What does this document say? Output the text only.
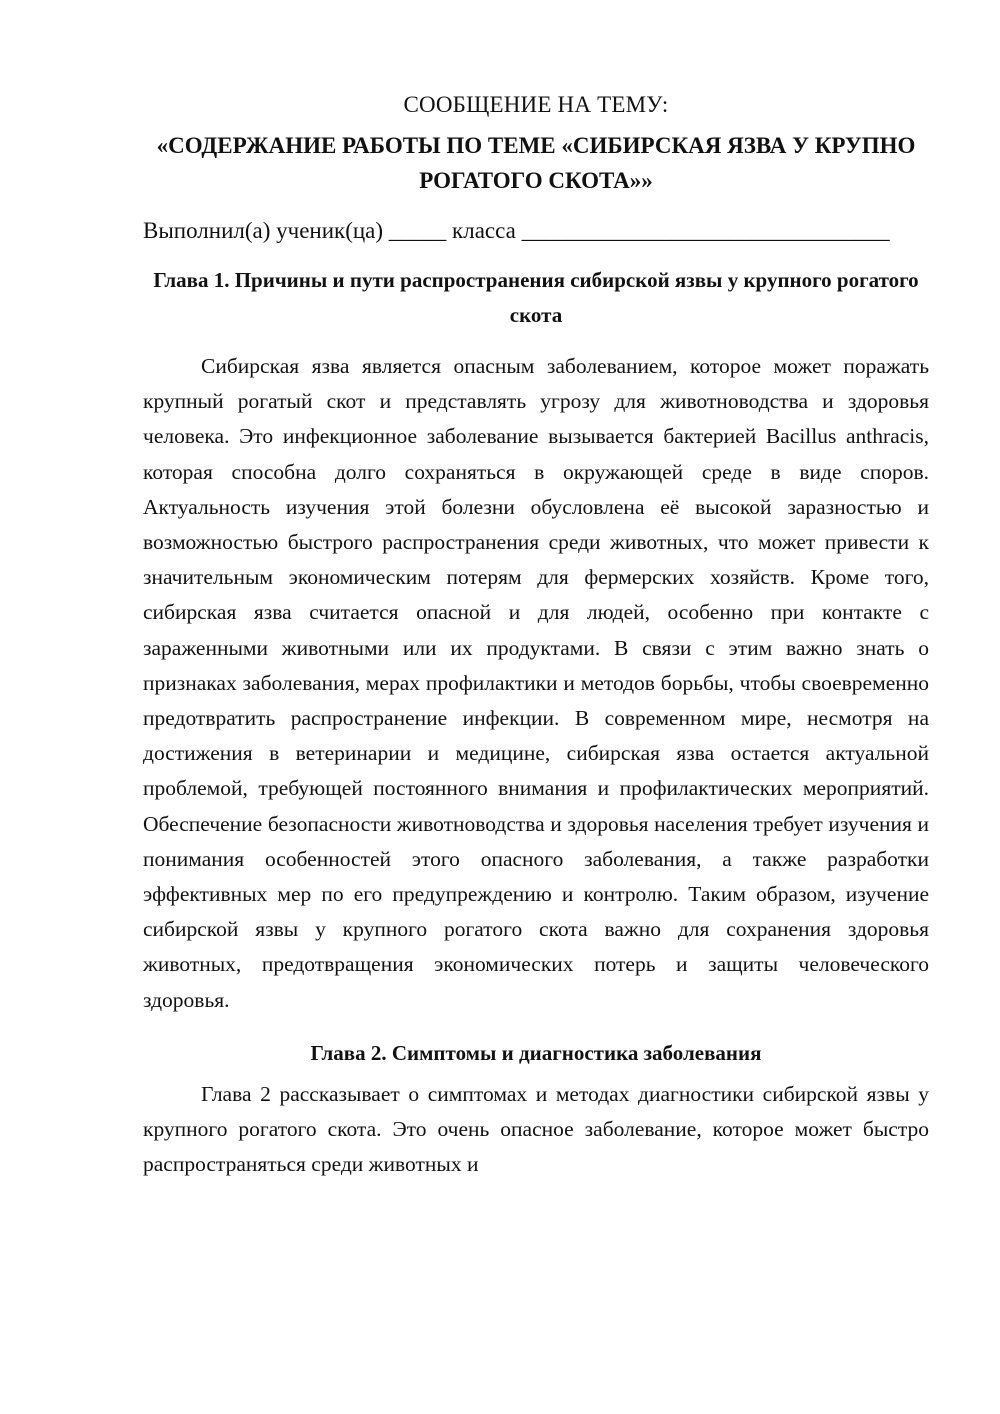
СООБЩЕНИЕ НА ТЕМУ:
«СОДЕРЖАНИЕ РАБОТЫ ПО ТЕМЕ «СИБИРСКАЯ ЯЗВА У КРУПНО РОГАТОГО СКОТА»»
Выполнил(а) ученик(ца) _____ класса ________________________________
Глава 1. Причины и пути распространения сибирской язвы у крупного рогатого скота

Сибирская язва является опасным заболеванием, которое может поражать крупный рогатый скот и представлять угрозу для животноводства и здоровья человека. Это инфекционное заболевание вызывается бактерией Bacillus anthracis, которая способна долго сохраняться в окружающей среде в виде споров. Актуальность изучения этой болезни обусловлена её высокой заразностью и возможностью быстрого распространения среди животных, что может привести к значительным экономическим потерям для фермерских хозяйств. Кроме того, сибирская язва считается опасной и для людей, особенно при контакте с зараженными животными или их продуктами. В связи с этим важно знать о признаках заболевания, мерах профилактики и методов борьбы, чтобы своевременно предотвратить распространение инфекции. В современном мире, несмотря на достижения в ветеринарии и медицине, сибирская язва остается актуальной проблемой, требующей постоянного внимания и профилактических мероприятий. Обеспечение безопасности животноводства и здоровья населения требует изучения и понимания особенностей этого опасного заболевания, а также разработки эффективных мер по его предупреждению и контролю. Таким образом, изучение сибирской язвы у крупного рогатого скота важно для сохранения здоровья животных, предотвращения экономических потерь и защиты человеческого здоровья.

Глава 2. Симптомы и диагностика заболевания

Глава 2 рассказывает о симптомах и методах диагностики сибирской язвы у крупного рогатого скота. Это очень опасное заболевание, которое может быстро распространяться среди животных и
